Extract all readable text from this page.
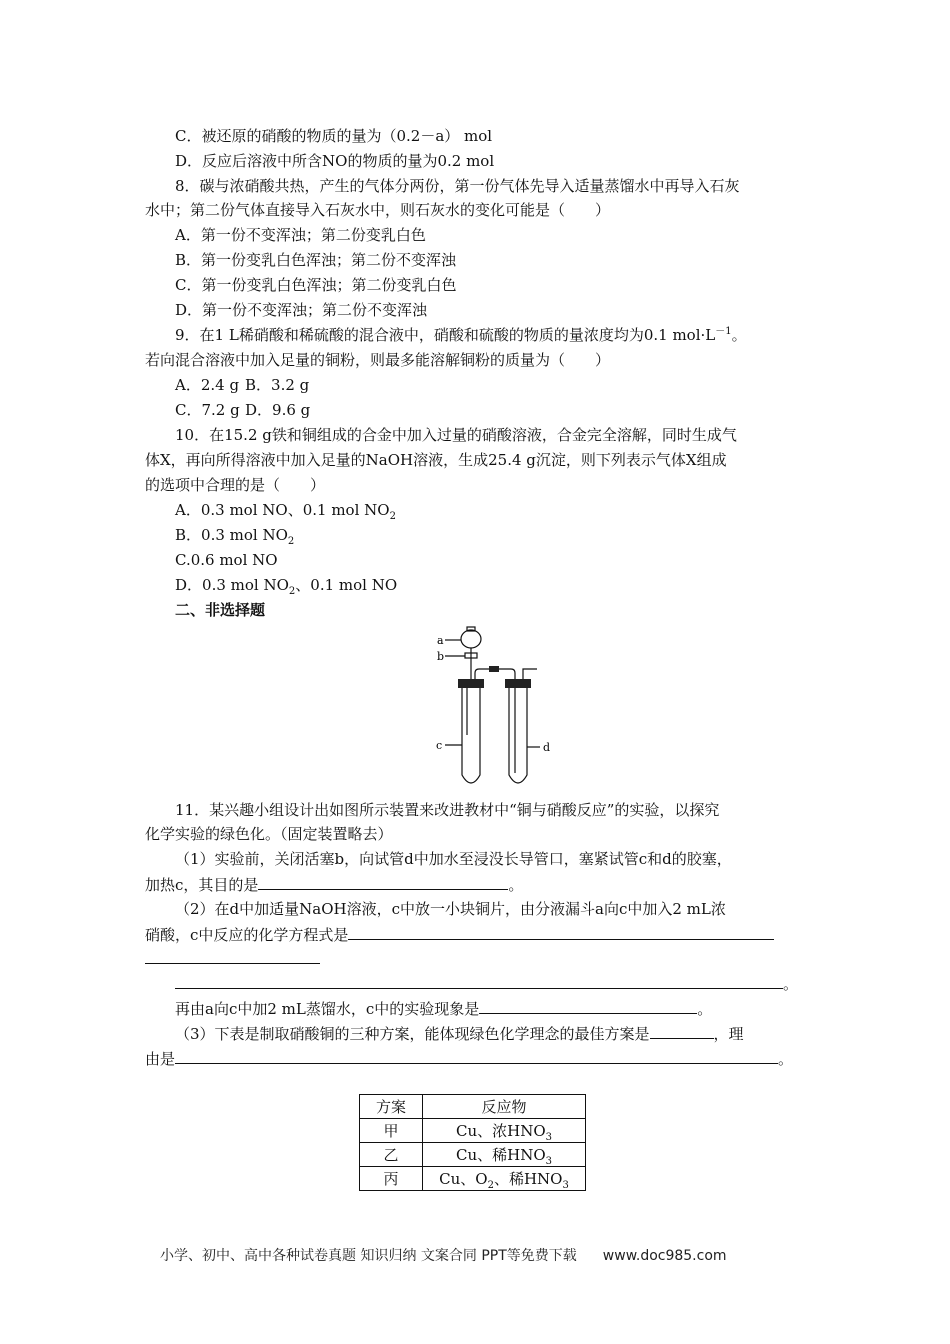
C．被还原的硝酸的物质的量为（0.2－a） mol
D．反应后溶液中所含NO的物质的量为0.2 mol
8．碳与浓硝酸共热，产生的气体分两份，第一份气体先导入适量蒸馏水中再导入石灰
水中；第二份气体直接导入石灰水中，则石灰水的变化可能是（　　）
A．第一份不变浑浊；第二份变乳白色
B．第一份变乳白色浑浊；第二份不变浑浊
C．第一份变乳白色浑浊；第二份变乳白色
D．第一份不变浑浊；第二份不变浑浊
9．在1 L稀硝酸和稀硫酸的混合液中，硝酸和硫酸的物质的量浓度均为0.1 $mol\cdot L^{-1}$。
若向混合溶液中加入足量的铜粉，则最多能溶解铜粉的质量为（　　）
A．2.4 g B．3.2 g
C．7.2 g D．9.6 g
10．在15.2 g铁和铜组成的合金中加入过量的硝酸溶液，合金完全溶解，同时生成气
体X，再向所得溶液中加入足量的NaOH溶液，生成25.4 g沉淀，则下列表示气体X组成
的选项中合理的是（　　）
A．0.3 mol NO、0.1 mol $NO_2$
B．0.3 mol $NO_2$
C.0.6 mol NO
D．0.3 mol $NO_2$、0.1 mol NO
二、非选择题
a
b
c	d
11．某兴趣小组设计出如图所示装置来改进教材中“铜与硝酸反应”的实验，以探究
化学实验的绿色化。（固定装置略去）
（1）实验前，关闭活塞b，向试管d中加水至浸没长导管口，塞紧试管c和d的胶塞，
加热c，其目的是	。
（2）在d中加适量NaOH溶液，c中放一小块铜片，由分液漏斗a向c中加入2 mL浓
硝酸，c中反应的化学方程式是
。
再由a向c中加2 mL蒸馏水，c中的实验现象是	。
（3）下表是制取硝酸铜的三种方案，能体现绿色化学理念的最佳方案是	，理
由是	。
方案	反应物
甲	Cu、浓$HNO_3$
乙	Cu、稀$HNO_3$
丙	Cu、$O_2$、稀$HNO_3$
小学、初中、高中各种试卷真题 知识归纳 文案合同 PPT等免费下载 www.doc985.com
